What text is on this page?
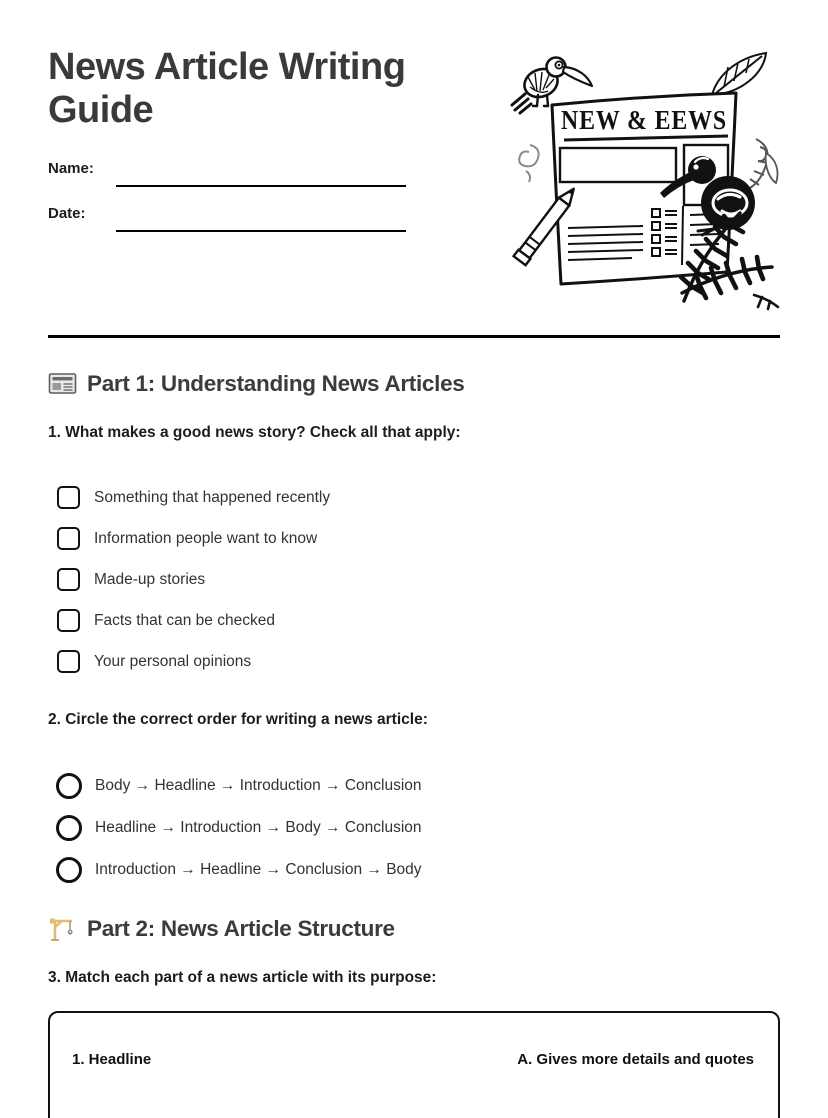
News Article Writing Guide
Name:
Date:
NEW & EEWS
Part 1: Understanding News Articles

1. What makes a good news story? Check all that apply:

Something that happened recently
Information people want to know
Made-up stories
Facts that can be checked
Your personal opinions

2. Circle the correct order for writing a news article:

Body → Headline → Introduction → Conclusion
Headline → Introduction → Body → Conclusion
Introduction → Headline → Conclusion → Body
Part 2: News Article Structure

3. Match each part of a news article with its purpose:

1. Headline	A. Gives more details and quotes
